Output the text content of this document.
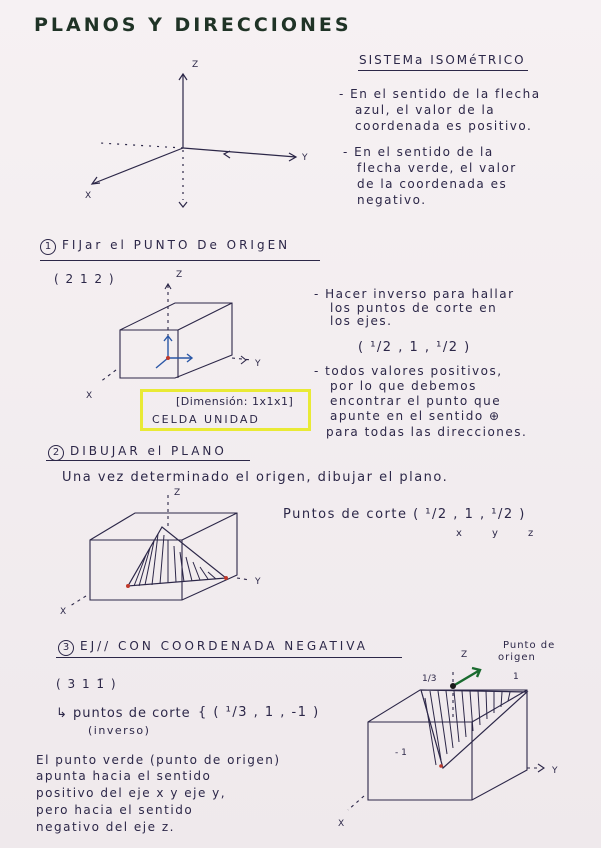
PLANOS Y DIRECCIONES
Z
Y
X
SISTEMa ISOMéTRICO
- En el sentido de la flecha
azul, el valor de la
coordenada es positivo.
- En el sentido de la
flecha verde, el valor
de la coordenada es
negativo.
1 FIJar el PUNTO De ORIgEN
( 2 1 2 )	Z
Y
X
- Hacer inverso para hallar
los puntos de corte en
los ejes.
( ¹/2 , 1 , ¹/2 )
- todos valores positivos,
por lo que debemos
encontrar el punto que
apunte en el sentido ⊕
para todas las direcciones.
[Dimensión: 1x1x1]
CELDA UNIDAD
2 DIBUJAR el PLANO
Una vez determinado el origen, dibujar el plano.
Z
Y
X
Puntos de corte ( ¹/2 , 1 , ¹/2 )
x	y	z
3 EJ// CON COORDENADA NEGATIVA
( 3 1 1̄ )
↳ puntos de corte
(inverso)
{ ( ¹/3 , 1 , -1 )
El punto verde (punto de origen)
apunta hacia el sentido
positivo del eje x y eje y,
pero hacia el sentido
negativo del eje z.
Z
Y
X
1/3	1
- 1
Punto de
origen
